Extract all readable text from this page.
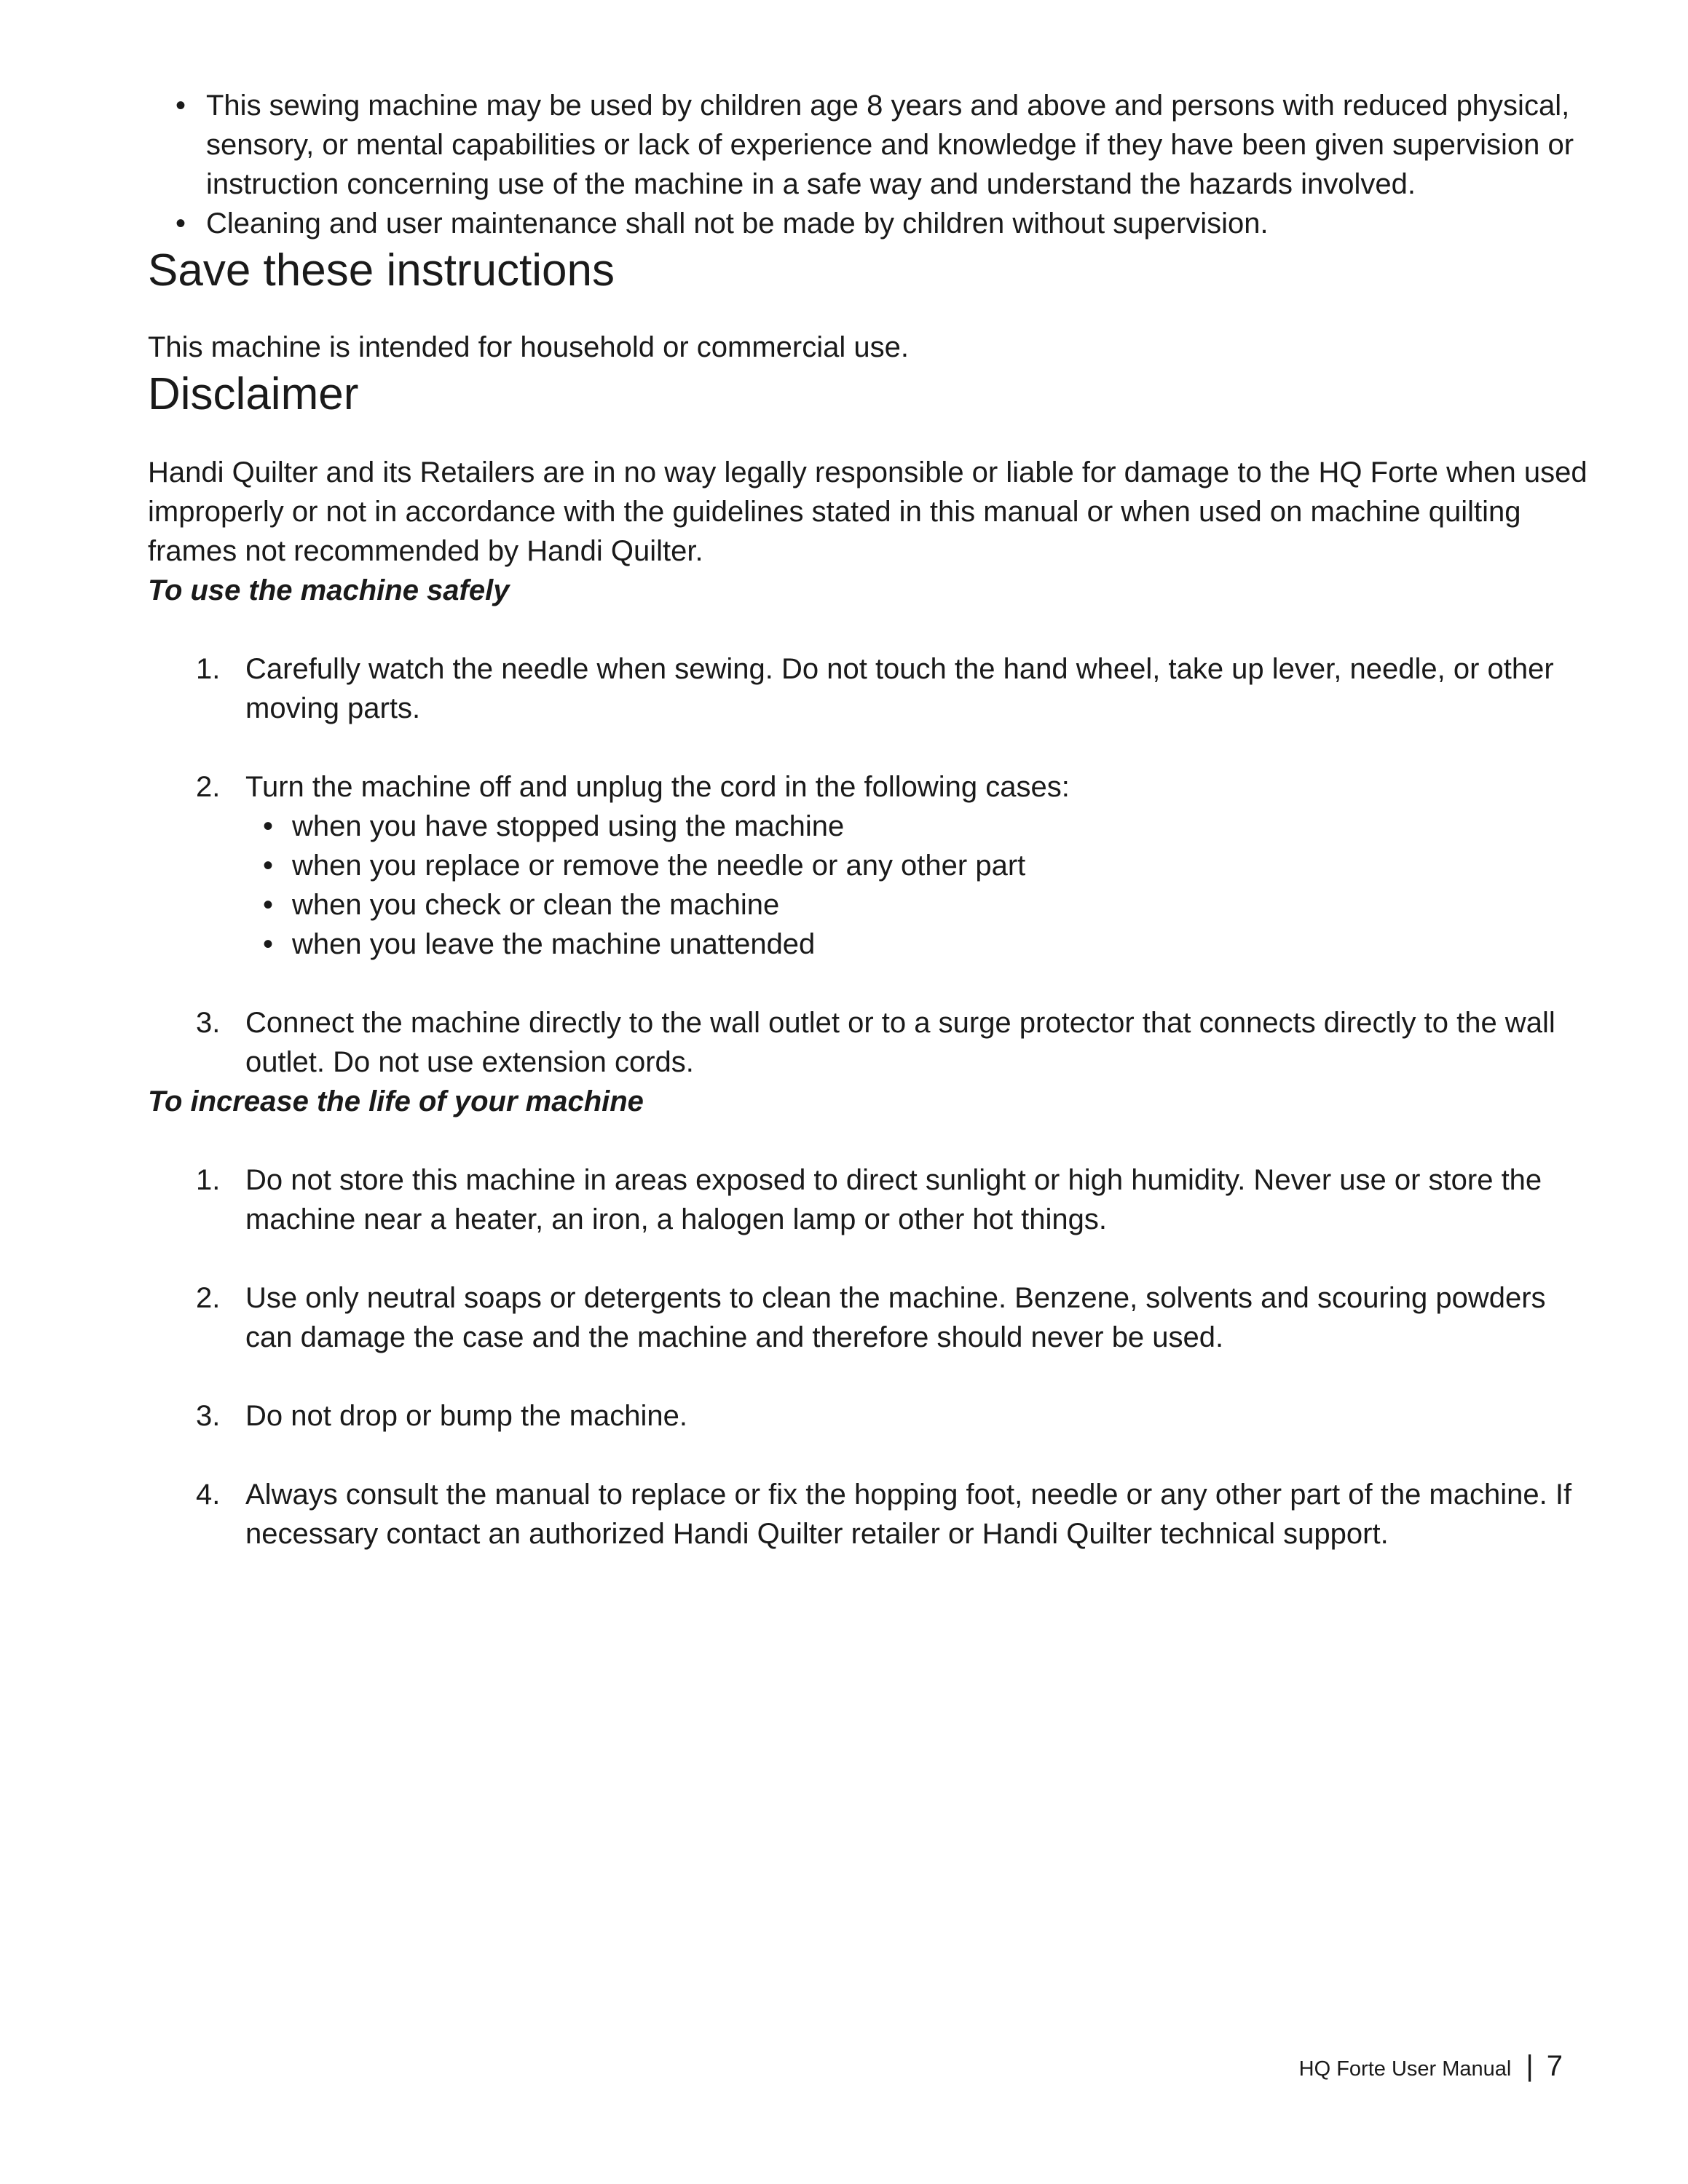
• This sewing machine may be used by children age 8 years and above and persons with reduced physical, sensory, or mental capabilities or lack of experience and knowledge if they have been given supervision or instruction concerning use of the machine in a safe way and understand the hazards involved.
• Cleaning and user maintenance shall not be made by children without supervision.
Save these instructions

This machine is intended for household or commercial use.

Disclaimer

Handi Quilter and its Retailers are in no way legally responsible or liable for damage to the HQ Forte when used improperly or not in accordance with the guidelines stated in this manual or when used on machine quilting frames not recommended by Handi Quilter.

To use the machine safely
1. Carefully watch the needle when sewing. Do not touch the hand wheel, take up lever, needle, or other moving parts.
2. Turn the machine off and unplug the cord in the following cases:
• when you have stopped using the machine
• when you replace or remove the needle or any other part
• when you check or clean the machine
• when you leave the machine unattended
3. Connect the machine directly to the wall outlet or to a surge protector that connects directly to the wall outlet. Do not use extension cords.
To increase the life of your machine
1. Do not store this machine in areas exposed to direct sunlight or high humidity. Never use or store the machine near a heater, an iron, a halogen lamp or other hot things.
2. Use only neutral soaps or detergents to clean the machine. Benzene, solvents and scouring powders can damage the case and the machine and therefore should never be used.
3. Do not drop or bump the machine.
4. Always consult the manual to replace or fix the hopping foot, needle or any other part of the machine. If necessary contact an authorized Handi Quilter retailer or Handi Quilter technical support.
HQ Forte User Manual | 7
